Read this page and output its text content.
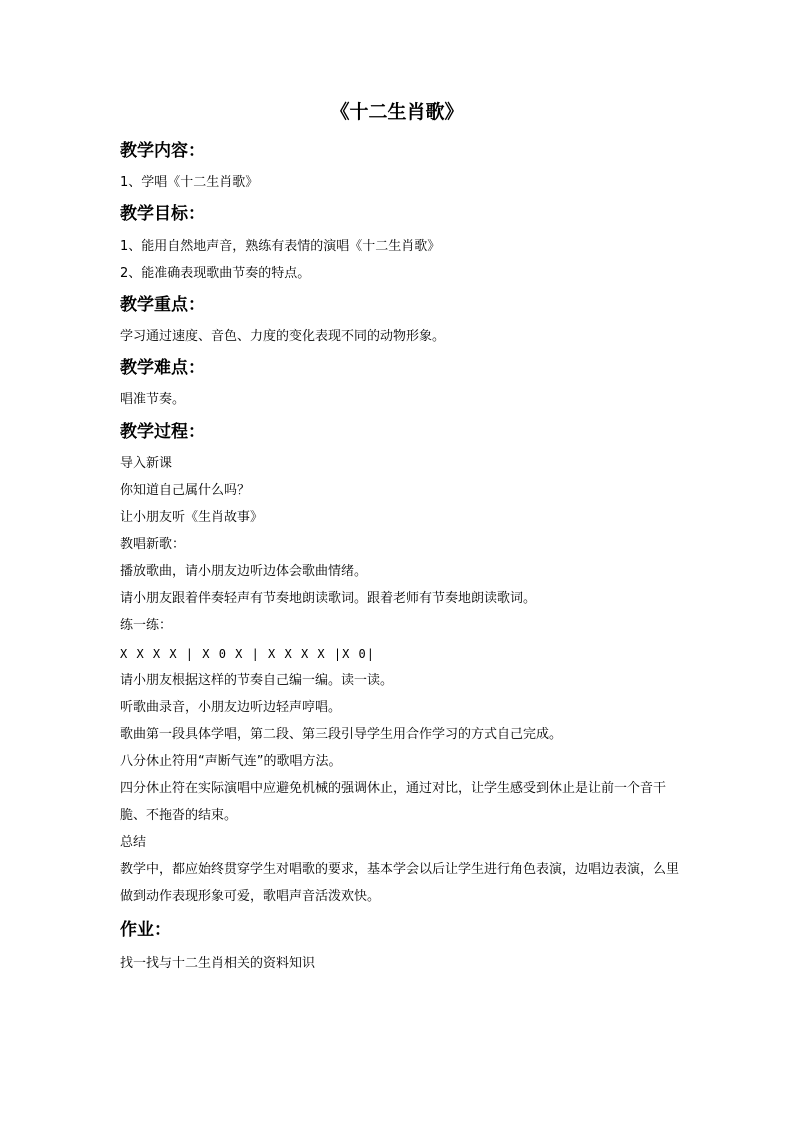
《十二生肖歌》
教学内容：
1、学唱《十二生肖歌》
教学目标：
1、能用自然地声音，熟练有表情的演唱《十二生肖歌》
2、能准确表现歌曲节奏的特点。
教学重点：
学习通过速度、音色、力度的变化表现不同的动物形象。
教学难点：
唱准节奏。
教学过程：
导入新课
你知道自己属什么吗？
让小朋友听《生肖故事》
教唱新歌：
播放歌曲，请小朋友边听边体会歌曲情绪。
请小朋友跟着伴奏轻声有节奏地朗读歌词。跟着老师有节奏地朗读歌词。
练一练：
X X X X | X 0 X | X X X X |X 0|
请小朋友根据这样的节奏自己编一编。读一读。
听歌曲录音，小朋友边听边轻声哼唱。
歌曲第一段具体学唱，第二段、第三段引导学生用合作学习的方式自己完成。
八分休止符用“声断气连”的歌唱方法。
四分休止符在实际演唱中应避免机械的强调休止，通过对比，让学生感受到休止是让前一个音干脆、不拖沓的结束。
总结
教学中，都应始终贯穿学生对唱歌的要求，基本学会以后让学生进行角色表演，边唱边表演，么里做到动作表现形象可爱，歌唱声音活泼欢快。
作业：
找一找与十二生肖相关的资料知识
